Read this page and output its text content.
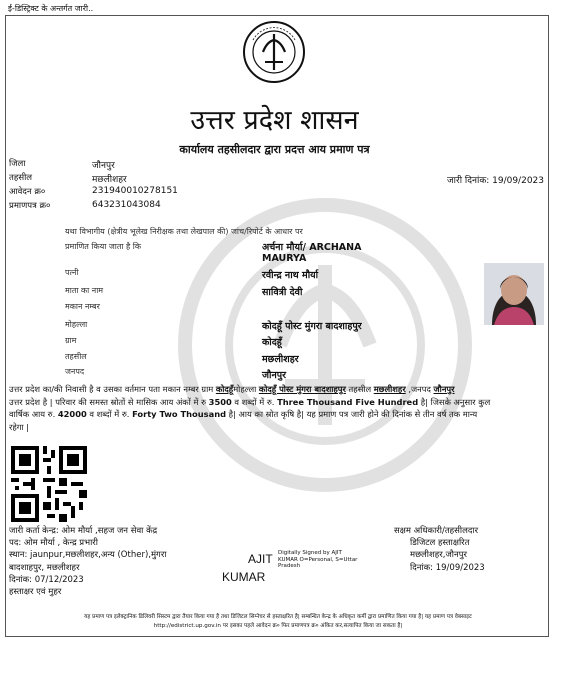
ई-डिस्ट्रिक्ट के अन्तर्गत जारी..
उत्तर प्रदेश शासन
कार्यालय तहसीलदार द्वारा प्रदत्त आय प्रमाण पत्र
जिला	जौनपुर
तहसील	मछलीशहर
आवेदन क्र०	231940010278151
प्रमाणपत्र क्र०	643231043084
जारी दिनांक: 19/09/2023
यथा विभागीय (क्षेत्रीय भूलेख निरीक्षक तथा लेखपाल की) जांच/रिपोर्ट के आधार पर
प्रमाणित किया जाता है कि	अर्चना मौर्या/ ARCHANA
MAURYA
पत्नी	रवीन्द्र नाथ मौर्या
माता का नाम	सावित्री देवी
मकान नम्बर
मोहल्ला	कोदहूँ पोस्ट मुंगरा बादशाहपुर
ग्राम	कोदहूँ
तहसील	मछलीशहर
जनपद	जौनपुर
उत्तर प्रदेश का/की निवासी है व उसका वर्तमान पता मकान नम्बर ग्राम कोदहूँमोहल्ला कोदहूँ पोस्ट मुंगरा बादशाहपुर तहसील मछलीशहर ,जनपद जौनपुर
उत्तर प्रदेश है | परिवार की समस्त स्रोतों से मासिक आय अंकों में रु 3500 व शब्दों में रु. Three Thousand Five Hundred है| जिसके अनुसार कुल
वार्षिक आय रु. 42000 व शब्दों में रु. Forty Two Thousand है| आय का स्रोत कृषि है| यह प्रमाण पत्र जारी होने की दिनांक से तीन वर्ष तक मान्य
रहेगा |
जारी कर्ता केन्द्र: ओम मौर्या ,सहज जन सेवा केंद्र
पद: ओम मौर्या , केन्द्र प्रभारी
स्थान: jaunpur,मछलीशहर,अन्य (Other),मुंगरा
बादशाहपुर, मछलीशहर
दिनांक: 07/12/2023
हस्ताक्षर एवं मुहर
AJIT
KUMAR
Digitally Signed by AJIT
KUMAR O=Personal, S=Uttar
Pradesh
सक्षम अधिकारी/तहसीलदार
डिजिटल हस्ताक्षरित
मछलीशहर,जौनपुर
दिनांक: 19/09/2023
यह प्रमाण पत्र इलेक्ट्रानिक डिलिवरी सिस्टम द्वारा तैयार किया गया है तथा डिजिटल सिग्नेचर से हस्ताक्षरित है| सम्बन्धित केन्द्र के अधिकृत कर्मी द्वारा प्रमाणित किया गया है| यह प्रमाण पत्र वेबसाइट
http://edistrict.up.gov.in पर इसका पहले आवेदन क्र० फिर प्रमाणपत्र क्र० अंकित कर,सत्यापित किया जा सकता है|
